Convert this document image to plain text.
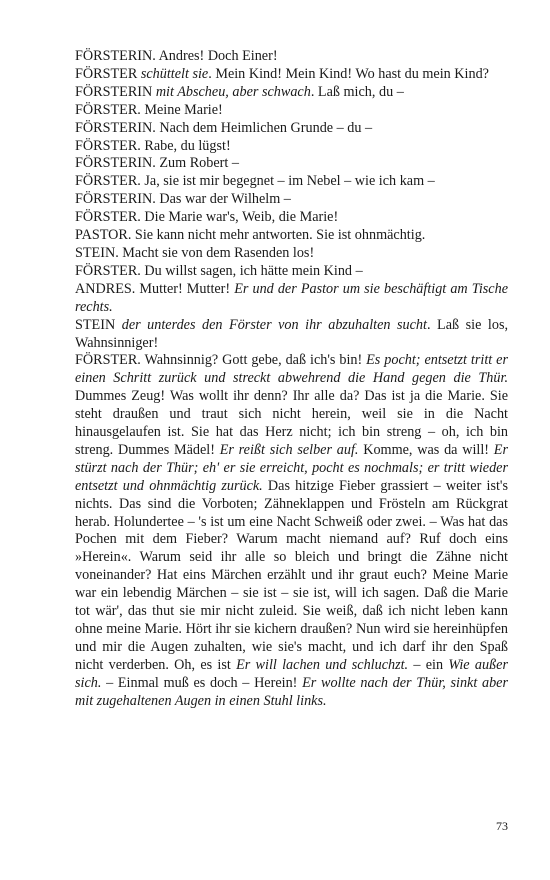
FÖRSTERIN. Andres! Doch Einer!

FÖRSTER schüttelt sie. Mein Kind! Mein Kind! Wo hast du mein Kind?

FÖRSTERIN mit Abscheu, aber schwach. Laß mich, du –

FÖRSTER. Meine Marie!

FÖRSTERIN. Nach dem Heimlichen Grunde – du –

FÖRSTER. Rabe, du lügst!

FÖRSTERIN. Zum Robert –

FÖRSTER. Ja, sie ist mir begegnet – im Nebel – wie ich kam –

FÖRSTERIN. Das war der Wilhelm –

FÖRSTER. Die Marie war's, Weib, die Marie!

PASTOR. Sie kann nicht mehr antworten. Sie ist ohnmächtig.

STEIN. Macht sie von dem Rasenden los!

FÖRSTER. Du willst sagen, ich hätte mein Kind –

ANDRES. Mutter! Mutter! Er und der Pastor um sie beschäftigt am Tische rechts.

STEIN der unterdes den Förster von ihr abzuhalten sucht. Laß sie los, Wahnsinniger!

FÖRSTER. Wahnsinnig? Gott gebe, daß ich's bin! Es pocht; entsetzt tritt er einen Schritt zurück und streckt abwehrend die Hand gegen die Thür. Dummes Zeug! Was wollt ihr denn? Ihr alle da? Das ist ja die Marie. Sie steht draußen und traut sich nicht herein, weil sie in die Nacht hinausgelaufen ist. Sie hat das Herz nicht; ich bin streng – oh, ich bin streng. Dummes Mädel! Er reißt sich selber auf. Komme, was da will! Er stürzt nach der Thür; eh' er sie erreicht, pocht es nochmals; er tritt wieder entsetzt und ohnmächtig zurück. Das hitzige Fieber grassiert – weiter ist's nichts. Das sind die Vorboten; Zähneklappen und Frösteln am Rückgrat herab. Holundertee – 's ist um eine Nacht Schweiß oder zwei. – Was hat das Pochen mit dem Fieber? Warum macht niemand auf? Ruf doch eins »Herein«. Warum seid ihr alle so bleich und bringt die Zähne nicht voneinander? Hat eins Märchen erzählt und ihr graut euch? Meine Marie war ein lebendig Märchen – sie ist – sie ist, will ich sagen. Daß die Marie tot wär', das thut sie mir nicht zuleid. Sie weiß, daß ich nicht leben kann ohne meine Marie. Hört ihr sie kichern draußen? Nun wird sie hereinhüpfen und mir die Augen zuhalten, wie sie's macht, und ich darf ihr den Spaß nicht verderben. Oh, es ist Er will lachen und schluchzt. – ein Wie außer sich. – Einmal muß es doch – Herein! Er wollte nach der Thür, sinkt aber mit zugehaltenen Augen in einen Stuhl links.

73
